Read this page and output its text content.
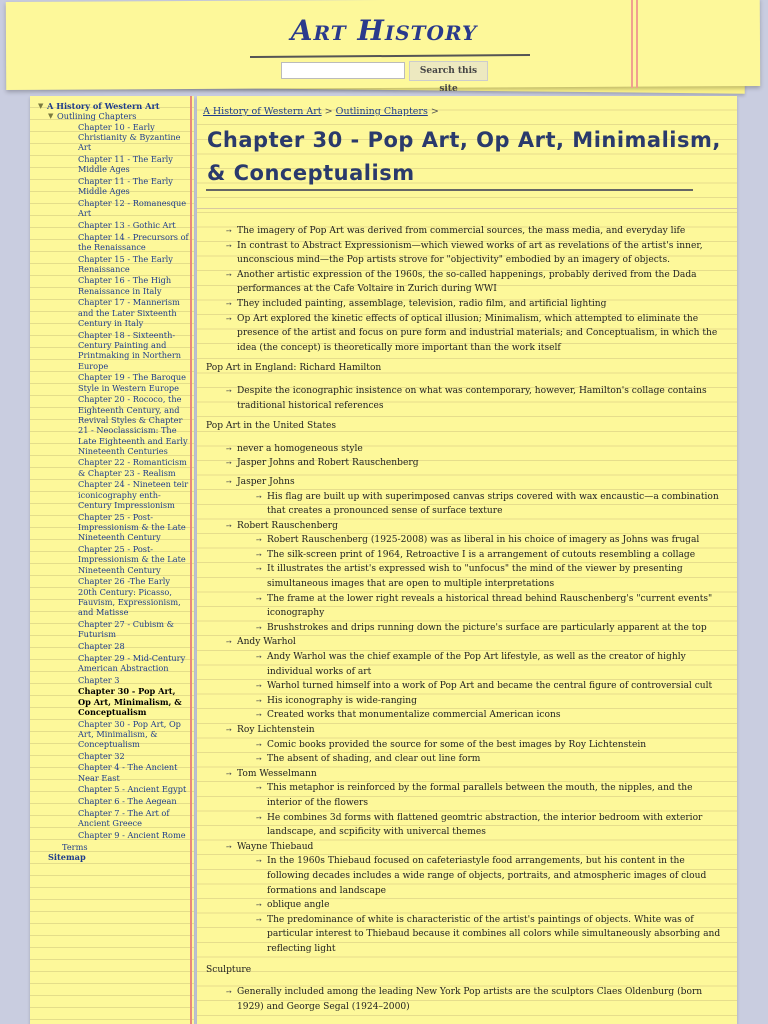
Art History
Search this site
▼ A History of Western Art
▼ Outlining Chapters
Chapter 10 - Early Christianity & Byzantine Art
Chapter 11 - The Early Middle Ages
Chapter 11 - The Early Middle Ages
Chapter 12 - Romanesque Art
Chapter 13 - Gothic Art
Chapter 14 - Precursors of the Renaissance
Chapter 15 - The Early Renaissance
Chapter 16 - The High Renaissance in Italy
Chapter 17 - Mannerism and the Later Sixteenth Century in Italy
Chapter 18 - Sixteenth-Century Painting and Printmaking in Northern Europe
Chapter 19 - The Baroque Style in Western Europe
Chapter 20 - Rococo, the Eighteenth Century, and Revival Styles & Chapter 21 - Neoclassicism: The Late Eighteenth and Early Nineteenth Centuries
Chapter 22 - Romanticism & Chapter 23 - Realism
Chapter 24 - Nineteen teir iconicography enth-Century Impressionism
Chapter 25 - Post-Impressionism & the Late Nineteenth Century
Chapter 25 - Post-Impressionism & the Late Nineteenth Century
Chapter 26 -The Early 20th Century: Picasso, Fauvism, Expressionism, and Matisse
Chapter 27 - Cubism & Futurism
Chapter 28
Chapter 29 - Mid-Century American Abstraction
Chapter 3
Chapter 30 - Pop Art, Op Art, Minimalism, & Conceptualism
Chapter 30 - Pop Art, Op Art, Minimalism, & Conceptualism
Chapter 32
Chapter 4 - The Ancient Near East
Chapter 5 - Ancient Egypt
Chapter 6 - The Aegean
Chapter 7 - The Art of Ancient Greece
Chapter 9 - Ancient Rome
Terms
Sitemap
A History of Western Art > Outlining Chapters >
Chapter 30 - Pop Art, Op Art, Minimalism, & Conceptualism
➙ The imagery of Pop Art was derived from commercial sources, the mass media, and everyday life
➙ In contrast to Abstract Expressionism—which viewed works of art as revelations of the artist's inner, unconscious mind—the Pop artists strove for "objectivity" embodied by an imagery of objects.
➙ Another artistic expression of the 1960s, the so-called happenings, probably derived from the Dada performances at the Cafe Voltaire in Zurich during WWI
➙ They included painting, assemblage, television, radio film, and artificial lighting
➙ Op Art explored the kinetic effects of optical illusion; Minimalism, which attempted to eliminate the presence of the artist and focus on pure form and industrial materials; and Conceptualism, in which the idea (the concept) is theoretically more important than the work itself
Pop Art in England: Richard Hamilton
➙ Despite the iconographic insistence on what was contemporary, however, Hamilton's collage contains traditional historical references
Pop Art in the United States
➙ never a homogeneous style
➙ Jasper Johns and Robert Rauschenberg
➙ Jasper Johns
➙ His flag are built up with superimposed canvas strips covered with wax encaustic—a combination that creates a pronounced sense of surface texture
➙ Robert Rauschenberg
➙ Robert Rauschenberg (1925-2008) was as liberal in his choice of imagery as Johns was frugal
➙ The silk-screen print of 1964, Retroactive I is a arrangement of cutouts resembling a collage
➙ It illustrates the artist's expressed wish to "unfocus" the mind of the viewer by presenting simultaneous images that are open to multiple interpretations
➙ The frame at the lower right reveals a historical thread behind Rauschenberg's "current events" iconography
➙ Brushstrokes and drips running down the picture's surface are particularly apparent at the top
➙ Andy Warhol
➙ Andy Warhol was the chief example of the Pop Art lifestyle, as well as the creator of highly individual works of art
➙ Warhol turned himself into a work of Pop Art and became the central figure of controversial cult
➙ His iconography is wide-ranging
➙ Created works that monumentalize commercial American icons
➙ Roy Lichtenstein
➙ Comic books provided the source for some of the best images by Roy Lichtenstein
➙ The absent of shading, and clear out line form
➙ Tom Wesselmann
➙ This metaphor is reinforced by the formal parallels between the mouth, the nipples, and the interior of the flowers
➙ He combines 3d forms with flattened geomtric abstraction, the interior bedroom with exterior landscape, and scpificity with univercal themes
➙ Wayne Thiebaud
➙ In the 1960s Thiebaud focused on cafeteriastyle food arrangements, but his content in the following decades includes a wide range of objects, portraits, and atmospheric images of cloud formations and landscape
➙ oblique angle
➙ The predominance of white is characteristic of the artist's paintings of objects. White was of particular interest to Thiebaud because it combines all colors while simultaneously absorbing and reflecting light
Sculpture
➙ Generally included among the leading New York Pop artists are the sculptors Claes Oldenburg (born 1929) and George Segal (1924–2000)
